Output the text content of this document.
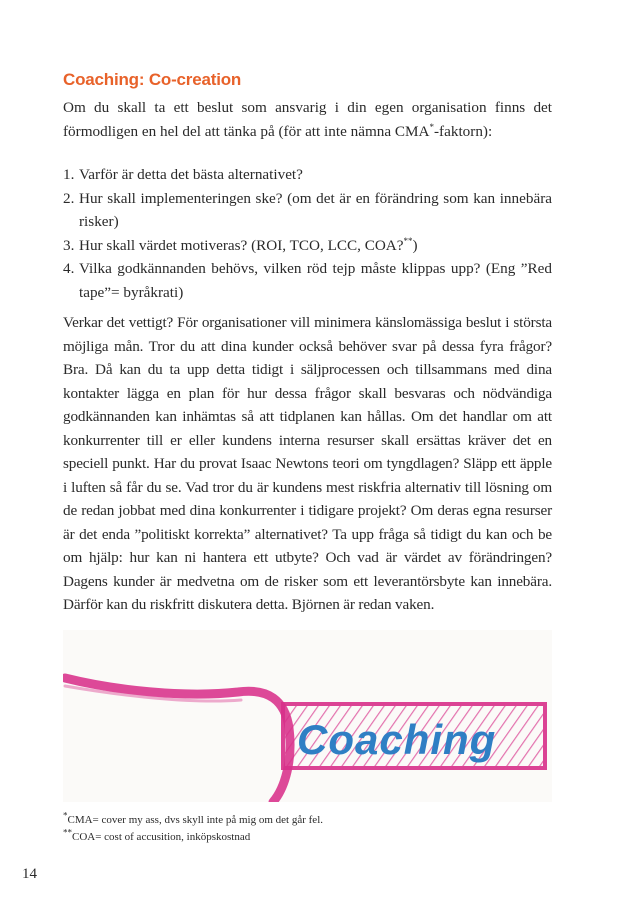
Coaching: Co-creation

Om du skall ta ett beslut som ansvarig i din egen organisation finns det förmodligen en hel del att tänka på (för att inte nämna CMA*-faktorn):

1. Varför är detta det bästa alternativet?
2. Hur skall implementeringen ske? (om det är en förändring som kan innebära risker)
3. Hur skall värdet motiveras? (ROI, TCO, LCC, COA?**)
4. Vilka godkännanden behövs, vilken röd tejp måste klippas upp? (Eng ”Red tape”= byråkrati)

Verkar det vettigt? För organisationer vill minimera känslomässiga beslut i största möjliga mån. Tror du att dina kunder också behöver svar på dessa fyra frågor? Bra. Då kan du ta upp detta tidigt i säljprocessen och tillsammans med dina kontakter lägga en plan för hur dessa frågor skall besvaras och nödvändiga godkännanden kan inhämtas så att tidplanen kan hållas. Om det handlar om att konkurrenter till er eller kundens interna resurser skall ersättas kräver det en speciell punkt. Har du provat Isaac Newtons teori om tyngdlagen? Släpp ett äpple i luften så får du se. Vad tror du är kundens mest riskfria alternativ till lösning om de redan jobbat med dina konkurrenter i tidigare projekt? Om deras egna resurser är det enda ”politiskt korrekta” alternativet? Ta upp fråga så tidigt du kan och be om hjälp: hur kan ni hantera ett utbyte? Och vad är värdet av förändringen? Dagens kunder är medvetna om de risker som ett leverantörsbyte kan innebära. Därför kan du riskfritt diskutera detta. Björnen är redan vaken.

Coaching
*CMA= cover my ass, dvs skyll inte på mig om det går fel.
**COA= cost of accusition, inköpskostnad
14
